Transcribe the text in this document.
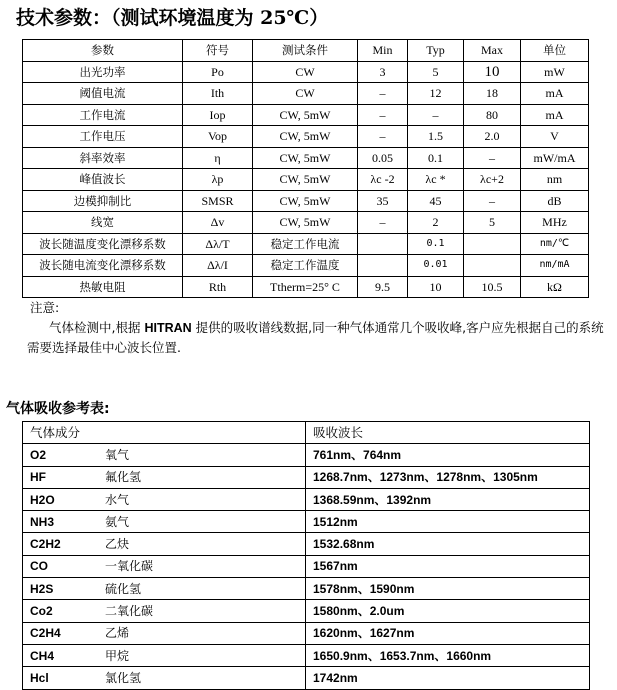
技术参数：（测试环境温度为 25℃）
参数	符号	测试条件	Min	Typ	Max	单位
出光功率	Po	CW	3	5	10	mW
阈值电流	Ith	CW	–	12	18	mA
工作电流	Iop	CW, 5mW	–	–	80	mA
工作电压	Vop	CW, 5mW	–	1.5	2.0	V
斜率效率	η	CW, 5mW	0.05	0.1	–	mW/mA
峰值波长	λp	CW, 5mW	λc -2	λc *	λc+2	nm
边模抑制比	SMSR	CW, 5mW	35	45	–	dB
线宽	Δv	CW, 5mW	–	2	5	MHz
波长随温度变化漂移系数	Δλ/T	稳定工作电流		0.1		nm/℃
波长随电流变化漂移系数	Δλ/I	稳定工作温度		0.01		nm/mA
热敏电阻	Rth	Ttherm=25° C	9.5	10	10.5	kΩ
注意:
气体检测中,根据 HITRAN 提供的吸收谱线数据,同一种气体通常几个吸收峰,客户应先根据自己的系统需要选择最佳中心波长位置.
气体吸收参考表:
气体成分	吸收波长
O2 氧气	761nm、764nm
HF 氟化氢	1268.7nm、1273nm、1278nm、1305nm
H2O 水气	1368.59nm、1392nm
NH3 氨气	1512nm
C2H2 乙炔	1532.68nm
CO 一氧化碳	1567nm
H2S 硫化氢	1578nm、1590nm
Co2 二氧化碳	1580nm、2.0um
C2H4 乙烯	1620nm、1627nm
CH4 甲烷	1650.9nm、1653.7nm、1660nm
Hcl 氯化氢	1742nm
